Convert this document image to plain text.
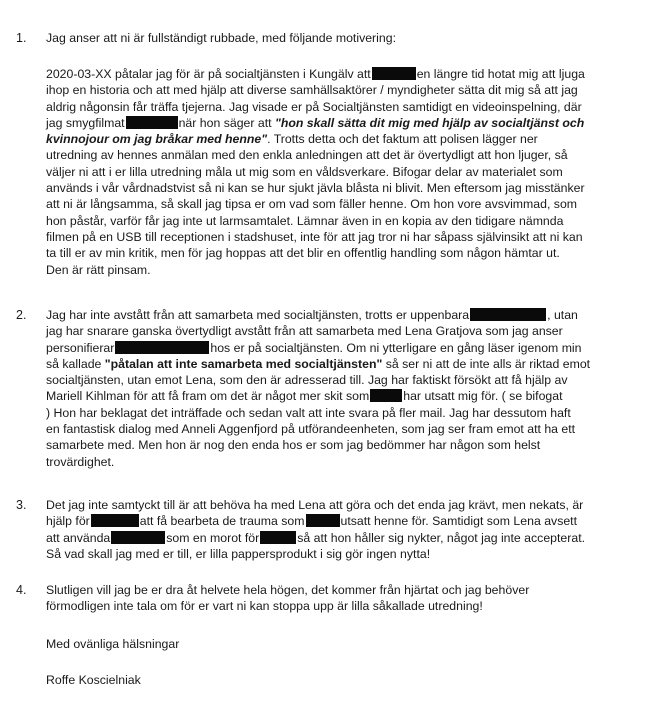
1.	Jag anser att ni är fullständigt rubbade, med följande motivering:
2020-03-XX påtalar jag för är på socialtjänsten i Kungälv att	en längre tid hotat mig att ljuga
ihop en historia och att med hjälp att diverse samhällsaktörer / myndigheter sätta dit mig så att jag
aldrig någonsin får träffa tjejerna. Jag visade er på Socialtjänsten samtidigt en videoinspelning, där
jag smygfilmat	när hon säger att "hon skall sätta dit mig med hjälp av socialtjänst och
kvinnojour om jag bråkar med henne". Trotts detta och det faktum att polisen lägger ner
utredning av hennes anmälan med den enkla anledningen att det är övertydligt att hon ljuger, så
väljer ni att i er lilla utredning måla ut mig som en våldsverkare. Bifogar delar av materialet som
används i vår vårdnadstvist så ni kan se hur sjukt jävla blåsta ni blivit. Men eftersom jag misstänker
att ni är långsamma, så skall jag tipsa er om vad som fäller henne. Om hon vore avsvimmad, som
hon påstår, varför får jag inte ut larmsamtalet. Lämnar även in en kopia av den tidigare nämnda
filmen på en USB till receptionen i stadshuset, inte för att jag tror ni har såpass självinsikt att ni kan
ta till er av min kritik, men för jag hoppas att det blir en offentlig handling som någon hämtar ut.
Den är rätt pinsam.
2.	Jag har inte avstått från att samarbeta med socialtjänsten, trotts er uppenbara	, utan
jag har snarare ganska övertydligt avstått från att samarbeta med Lena Gratjova som jag anser
personifierar	hos er på socialtjänsten. Om ni ytterligare en gång läser igenom min
så kallade "påtalan att inte samarbeta med socialtjänsten" så ser ni att de inte alls är riktad emot
socialtjänsten, utan emot Lena, som den är adresserad till. Jag har faktiskt försökt att få hjälp av
Mariell Kihlman för att få fram om det är något mer skit som	har utsatt mig för. ( se bifogat
) Hon har beklagat det inträffade och sedan valt att inte svara på fler mail. Jag har dessutom haft
en fantastisk dialog med Anneli Aggenfjord på utförandeenheten, som jag ser fram emot att ha ett
samarbete med. Men hon är nog den enda hos er som jag bedömmer har någon som helst
trovärdighet.
3.	Det jag inte samtyckt till är att behöva ha med Lena att göra och det enda jag krävt, men nekats, är
hjälp för	att få bearbeta de trauma som	utsatt henne för. Samtidigt som Lena avsett
att använda	som en morot för	så att hon håller sig nykter, något jag inte accepterat.
Så vad skall jag med er till, er lilla pappersprodukt i sig gör ingen nytta!
4.	Slutligen vill jag be er dra åt helvete hela högen, det kommer från hjärtat och jag behöver
förmodligen inte tala om för er vart ni kan stoppa upp är lilla såkallade utredning!
Med ovänliga hälsningar
Roffe Koscielniak
